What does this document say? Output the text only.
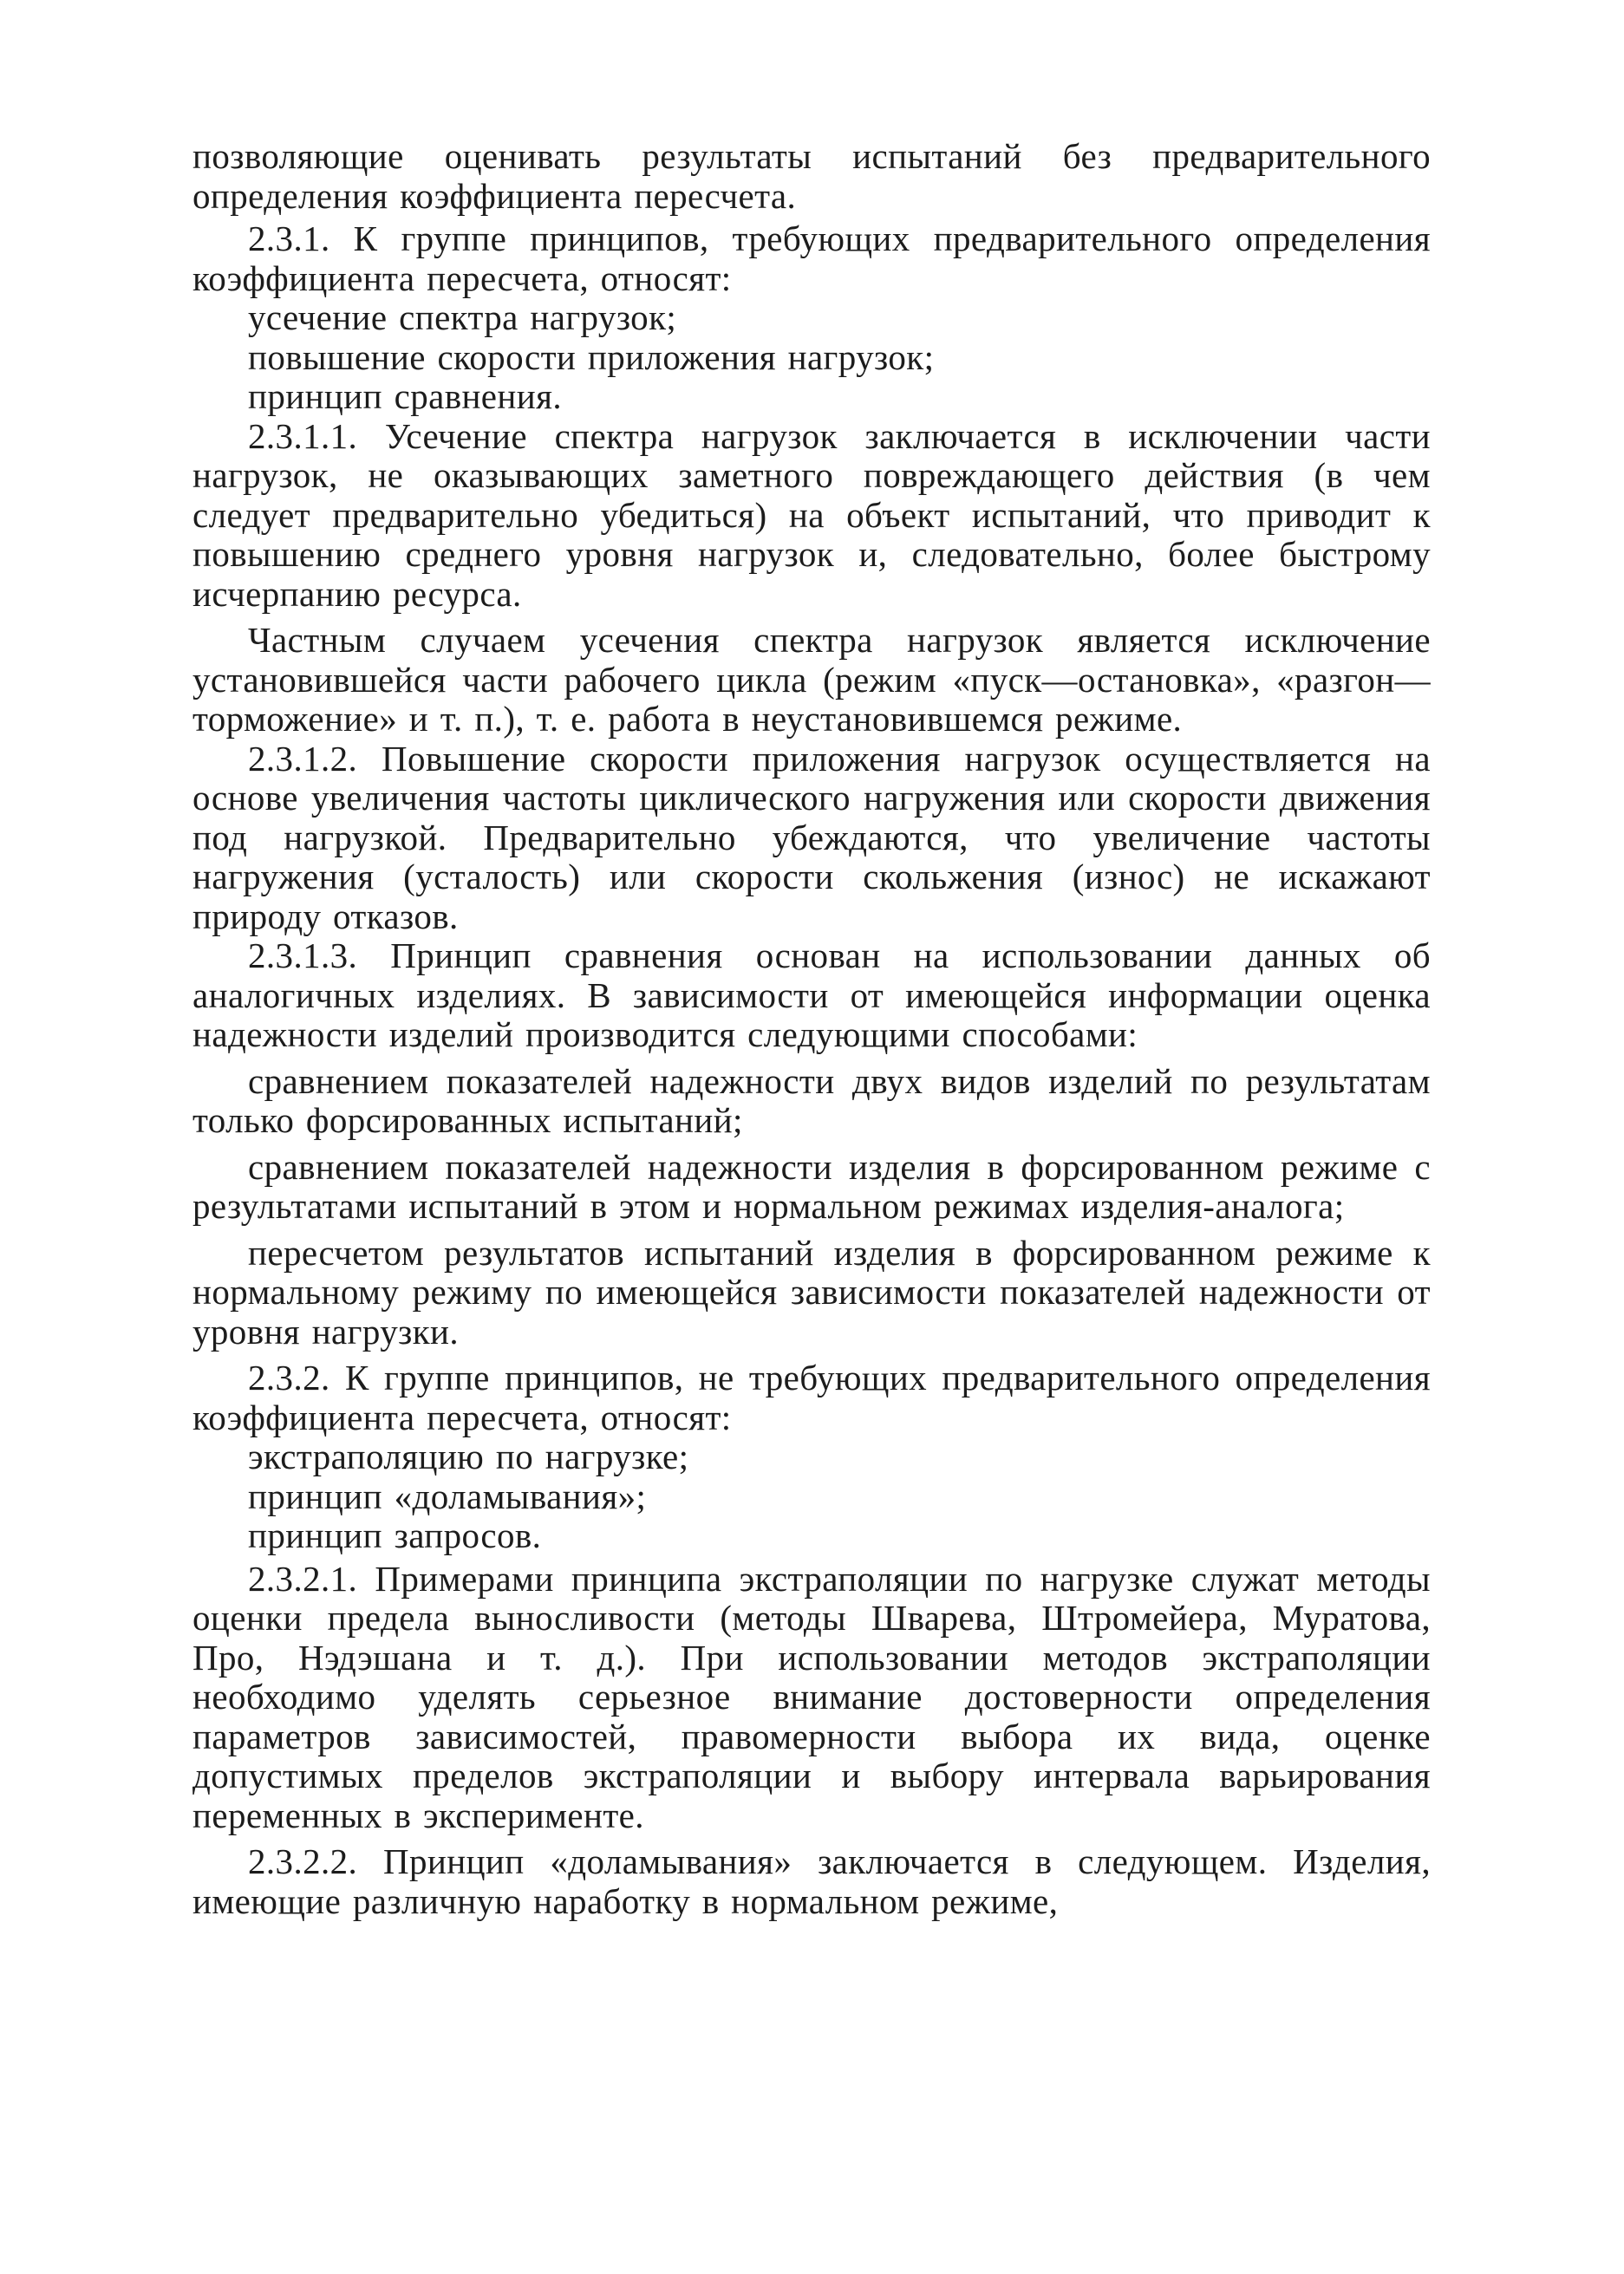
позволяющие оценивать результаты испытаний без предварительного определения коэффициента пересчета.

2.3.1. К группе принципов, требующих предварительного определения коэффициента пересчета, относят:

усечение спектра нагрузок;

повышение скорости приложения нагрузок;

принцип сравнения.

2.3.1.1. Усечение спектра нагрузок заключается в исключении части нагрузок, не оказывающих заметного повреждающего действия (в чем следует предварительно убедиться) на объект испытаний, что приводит к повышению среднего уровня нагрузок и, следовательно, более быстрому исчерпанию ресурса.

Частным случаем усечения спектра нагрузок является исключение установившейся части рабочего цикла (режим «пуск—остановка», «разгон—торможение» и т. п.), т. е. работа в неустановившемся режиме.

2.3.1.2. Повышение скорости приложения нагрузок осуществляется на основе увеличения частоты циклического нагружения или скорости движения под нагрузкой. Предварительно убеждаются, что увеличение частоты нагружения (усталость) или скорости скольжения (износ) не искажают природу отказов.

2.3.1.3. Принцип сравнения основан на использовании данных об аналогичных изделиях. В зависимости от имеющейся информации оценка надежности изделий производится следующими способами:

сравнением показателей надежности двух видов изделий по результатам только форсированных испытаний;

сравнением показателей надежности изделия в форсированном режиме с результатами испытаний в этом и нормальном режимах изделия-аналога;

пересчетом результатов испытаний изделия в форсированном режиме к нормальному режиму по имеющейся зависимости показателей надежности от уровня нагрузки.

2.3.2. К группе принципов, не требующих предварительного определения коэффициента пересчета, относят:

экстраполяцию по нагрузке;

принцип «доламывания»;

принцип запросов.

2.3.2.1. Примерами принципа экстраполяции по нагрузке служат методы оценки предела выносливости (методы Шварева, Штромейера, Муратова, Про, Нэдэшана и т. д.). При использовании методов экстраполяции необходимо уделять серьезное внимание достоверности определения параметров зависимостей, правомерности выбора их вида, оценке допустимых пределов экстраполяции и выбору интервала варьирования переменных в эксперименте.

2.3.2.2. Принцип «доламывания» заключается в следующем. Изделия, имеющие различную наработку в нормальном режиме,
